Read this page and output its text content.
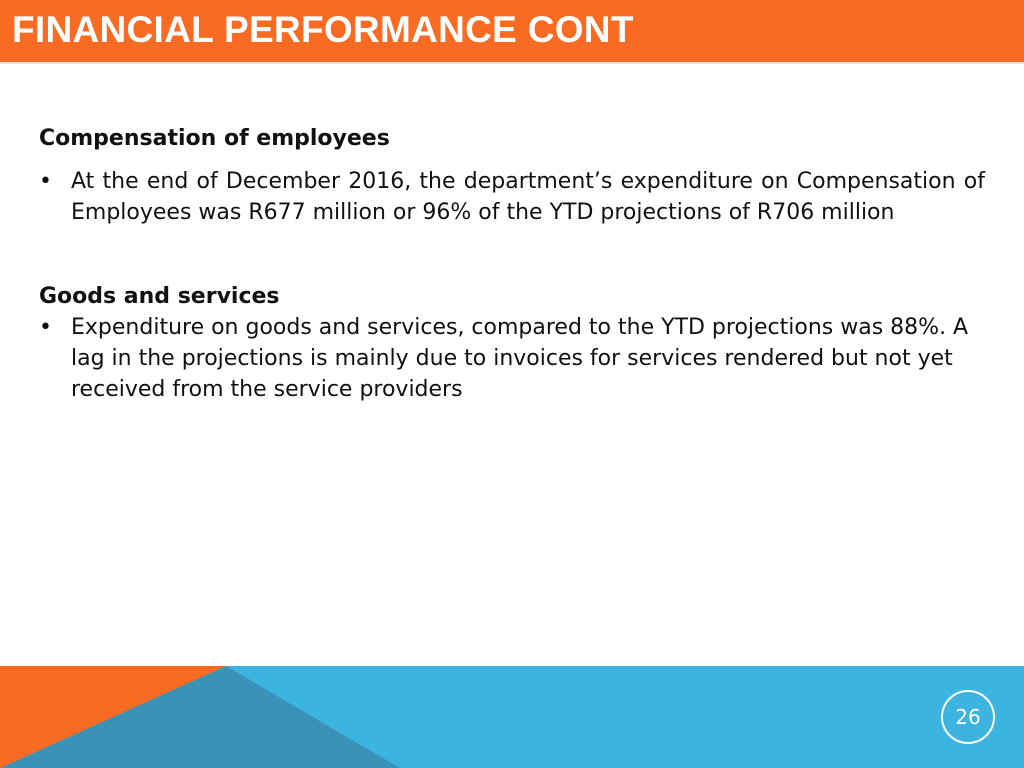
FINANCIAL PERFORMANCE CONT

Compensation of employees

• At the end of December 2016, the department’s expenditure on Compensation of Employees was R677 million or 96% of the YTD projections of R706 million

Goods and services

• Expenditure on goods and services, compared to the YTD projections was 88%. A lag in the projections is mainly due to invoices for services rendered but not yet received from the service providers

26
